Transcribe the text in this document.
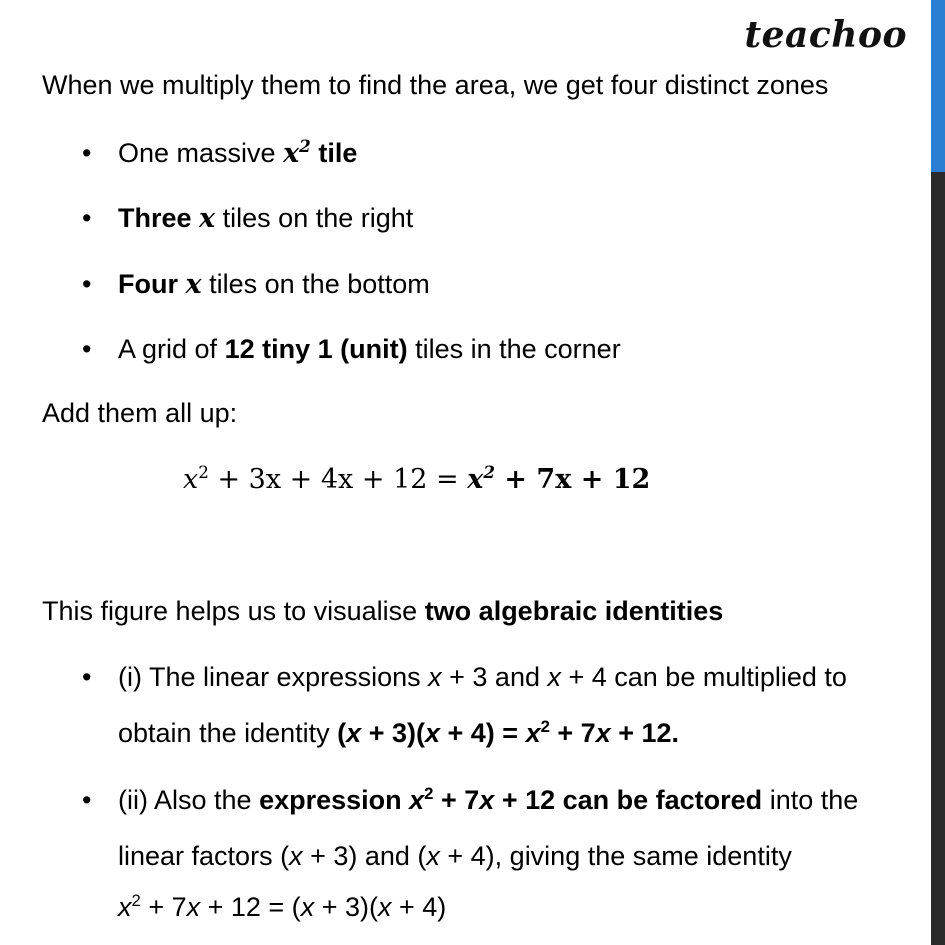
teachoo
When we multiply them to find the area, we get four distinct zones
• One massive $x^2$ tile
• Three x tiles on the right
• Four x tiles on the bottom
• A grid of 12 tiny 1 (unit) tiles in the corner
Add them all up:
$x^2 + 3x + 4x + 12 = x^2 + 7x + 12$
This figure helps us to visualise two algebraic identities
• (i) The linear expressions x + 3 and x + 4 can be multiplied to
obtain the identity $(x + 3)(x + 4) = x^2 + 7x + 12$.
• (ii) Also the expression $x^2 + 7x + 12$ can be factored into the
linear factors (x + 3) and (x + 4), giving the same identity
$x^2 + 7x + 12 = (x + 3)(x + 4)$
